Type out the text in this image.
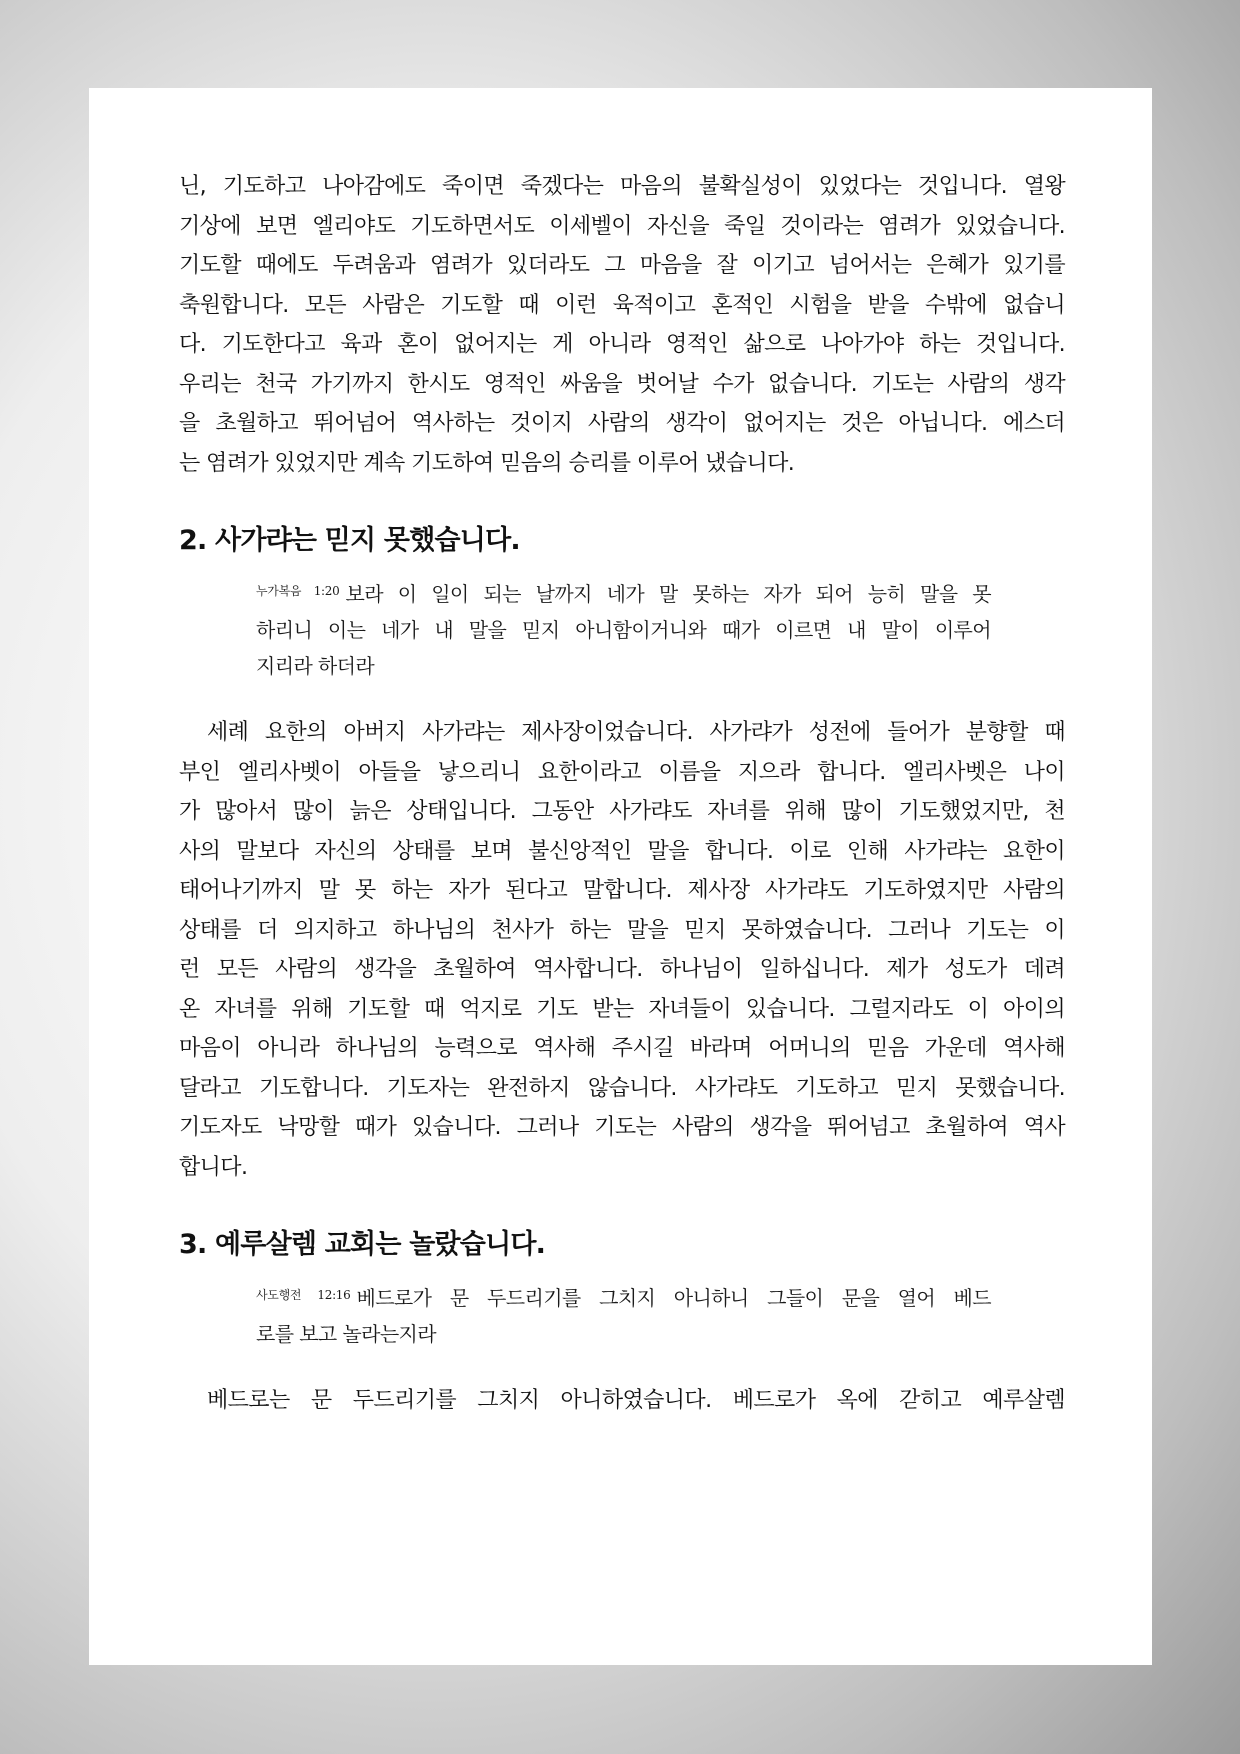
닌, 기도하고 나아감에도 죽이면 죽겠다는 마음의 불확실성이 있었다는 것입니다. 열왕
기상에 보면 엘리야도 기도하면서도 이세벨이 자신을 죽일 것이라는 염려가 있었습니다.
기도할 때에도 두려움과 염려가 있더라도 그 마음을 잘 이기고 넘어서는 은혜가 있기를
축원합니다. 모든 사람은 기도할 때 이런 육적이고 혼적인 시험을 받을 수밖에 없습니
다. 기도한다고 육과 혼이 없어지는 게 아니라 영적인 삶으로 나아가야 하는 것입니다.
우리는 천국 가기까지 한시도 영적인 싸움을 벗어날 수가 없습니다. 기도는 사람의 생각
을 초월하고 뛰어넘어 역사하는 것이지 사람의 생각이 없어지는 것은 아닙니다. 에스더
는 염려가 있었지만 계속 기도하여 믿음의 승리를 이루어 냈습니다.

2. 사가랴는 믿지 못했습니다.
$^{누가복음 1:20}$ 보라 이 일이 되는 날까지 네가 말 못하는 자가 되어 능히 말을 못
하리니 이는 네가 내 말을 믿지 아니함이거니와 때가 이르면 내 말이 이루어
지리라 하더라

세례 요한의 아버지 사가랴는 제사장이었습니다. 사가랴가 성전에 들어가 분향할 때
부인 엘리사벳이 아들을 낳으리니 요한이라고 이름을 지으라 합니다. 엘리사벳은 나이
가 많아서 많이 늙은 상태입니다. 그동안 사가랴도 자녀를 위해 많이 기도했었지만, 천
사의 말보다 자신의 상태를 보며 불신앙적인 말을 합니다. 이로 인해 사가랴는 요한이
태어나기까지 말 못 하는 자가 된다고 말합니다. 제사장 사가랴도 기도하였지만 사람의
상태를 더 의지하고 하나님의 천사가 하는 말을 믿지 못하였습니다. 그러나 기도는 이
런 모든 사람의 생각을 초월하여 역사합니다. 하나님이 일하십니다. 제가 성도가 데려
온 자녀를 위해 기도할 때 억지로 기도 받는 자녀들이 있습니다. 그럴지라도 이 아이의
마음이 아니라 하나님의 능력으로 역사해 주시길 바라며 어머니의 믿음 가운데 역사해
달라고 기도합니다. 기도자는 완전하지 않습니다. 사가랴도 기도하고 믿지 못했습니다.
기도자도 낙망할 때가 있습니다. 그러나 기도는 사람의 생각을 뛰어넘고 초월하여 역사
합니다.

3. 예루살렘 교회는 놀랐습니다.
$^{사도행전 12:16}$ 베드로가 문 두드리기를 그치지 아니하니 그들이 문을 열어 베드
로를 보고 놀라는지라

베드로는 문 두드리기를 그치지 아니하였습니다. 베드로가 옥에 갇히고 예루살렘
